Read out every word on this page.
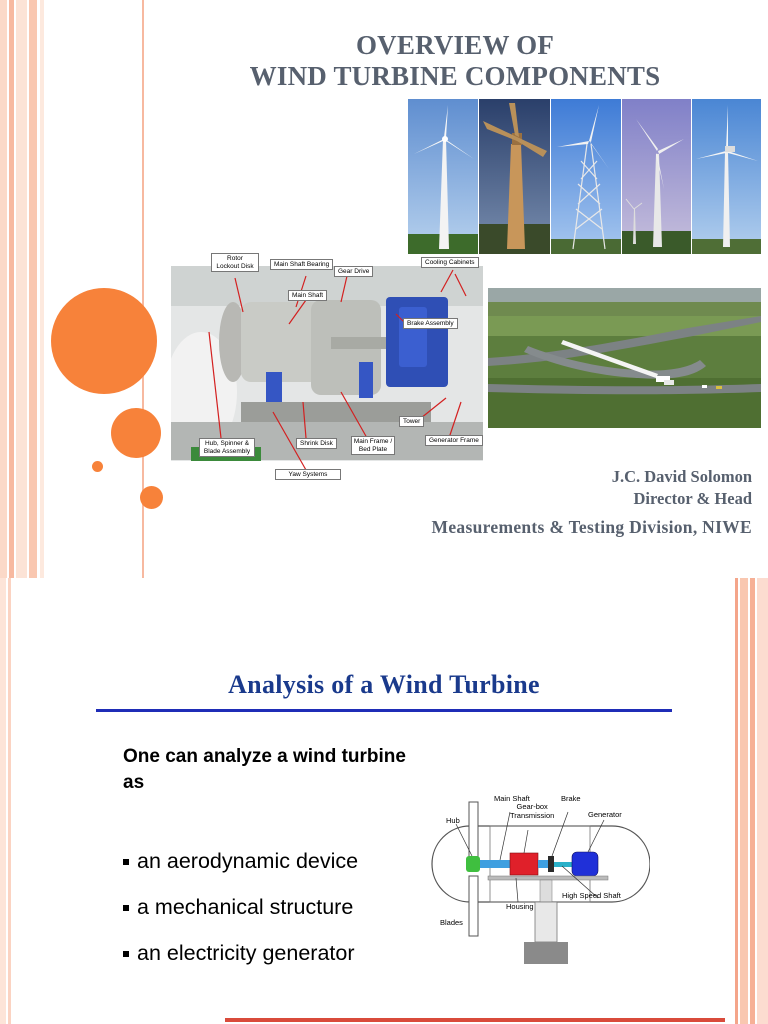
OVERVIEW OF
WIND TURBINE COMPONENTS
Rotor
Lockout Disk	Main Shaft Bearing
Gear Drive
Cooling Cabinets
Main Shaft
Brake Assembly
Tower
Generator Frame
Hub, Spinner &
Blade Assembly
Shrink Disk	Main Frame /
Bed Plate
Yaw Systems	J.C. David Solomon
Director & Head
Measurements & Testing Division, NIWE
Analysis of a Wind Turbine
One can analyze a wind turbine as
an aerodynamic device
a mechanical structure
an electricity generator
Main Shaft
Gear-box
Transmission
Brake
Generator
Hub
Housing
High Speed Shaft
Blades
